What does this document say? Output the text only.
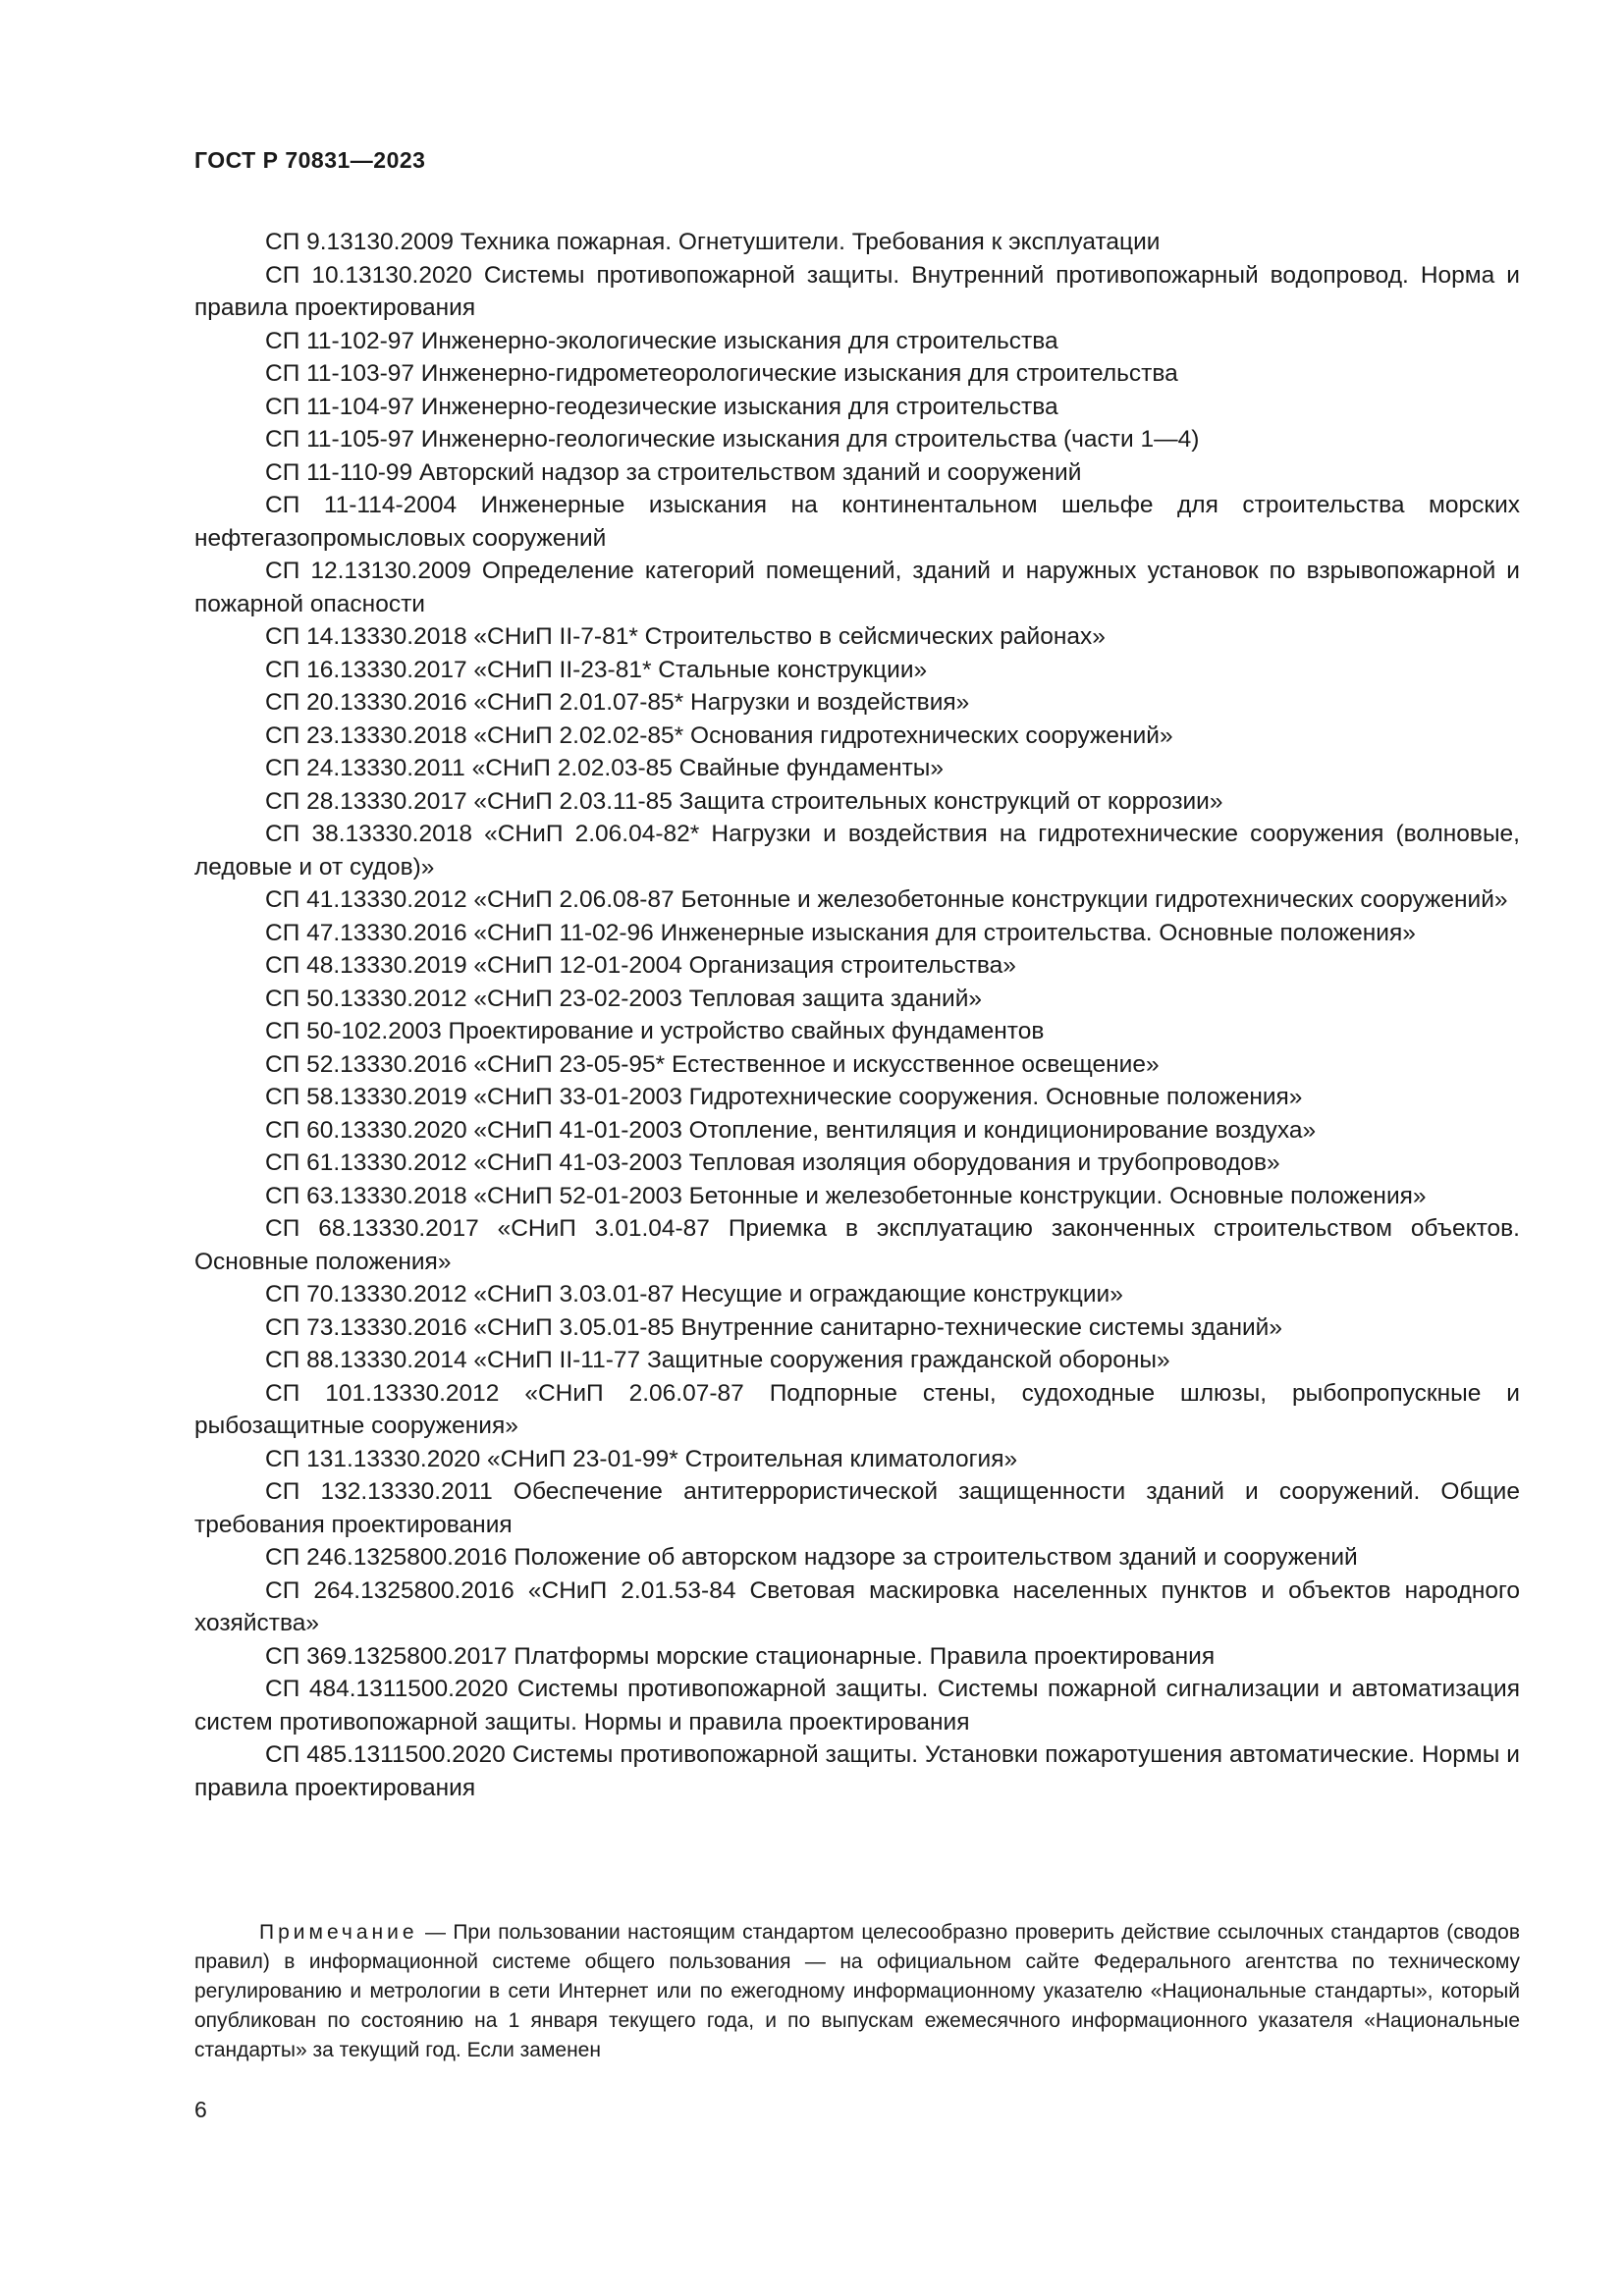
ГОСТ Р 70831—2023

СП 9.13130.2009 Техника пожарная. Огнетушители. Требования к эксплуатации

СП 10.13130.2020 Системы противопожарной защиты. Внутренний противопожарный водопровод. Норма и правила проектирования

СП 11-102-97 Инженерно-экологические изыскания для строительства

СП 11-103-97 Инженерно-гидрометеорологические изыскания для строительства

СП 11-104-97 Инженерно-геодезические изыскания для строительства

СП 11-105-97 Инженерно-геологические изыскания для строительства (части 1—4)

СП 11-110-99 Авторский надзор за строительством зданий и сооружений

СП 11-114-2004 Инженерные изыскания на континентальном шельфе для строительства морских нефтегазопромысловых сооружений

СП 12.13130.2009 Определение категорий помещений, зданий и наружных установок по взрывопожарной и пожарной опасности

СП 14.13330.2018 «СНиП II-7-81* Строительство в сейсмических районах»

СП 16.13330.2017 «СНиП II-23-81* Стальные конструкции»

СП 20.13330.2016 «СНиП 2.01.07-85* Нагрузки и воздействия»

СП 23.13330.2018 «СНиП 2.02.02-85* Основания гидротехнических сооружений»

СП 24.13330.2011 «СНиП 2.02.03-85 Свайные фундаменты»

СП 28.13330.2017 «СНиП 2.03.11-85 Защита строительных конструкций от коррозии»

СП 38.13330.2018 «СНиП 2.06.04-82* Нагрузки и воздействия на гидротехнические сооружения (волновые, ледовые и от судов)»

СП 41.13330.2012 «СНиП 2.06.08-87 Бетонные и железобетонные конструкции гидротехнических сооружений»

СП 47.13330.2016 «СНиП 11-02-96 Инженерные изыскания для строительства. Основные положения»

СП 48.13330.2019 «СНиП 12-01-2004 Организация строительства»

СП 50.13330.2012 «СНиП 23-02-2003 Тепловая защита зданий»

СП 50-102.2003 Проектирование и устройство свайных фундаментов

СП 52.13330.2016 «СНиП 23-05-95* Естественное и искусственное освещение»

СП 58.13330.2019 «СНиП 33-01-2003 Гидротехнические сооружения. Основные положения»

СП 60.13330.2020 «СНиП 41-01-2003 Отопление, вентиляция и кондиционирование воздуха»

СП 61.13330.2012 «СНиП 41-03-2003 Тепловая изоляция оборудования и трубопроводов»

СП 63.13330.2018 «СНиП 52-01-2003 Бетонные и железобетонные конструкции. Основные положения»

СП 68.13330.2017 «СНиП 3.01.04-87 Приемка в эксплуатацию законченных строительством объектов. Основные положения»

СП 70.13330.2012 «СНиП 3.03.01-87 Несущие и ограждающие конструкции»

СП 73.13330.2016 «СНиП 3.05.01-85 Внутренние санитарно-технические системы зданий»

СП 88.13330.2014 «СНиП II-11-77 Защитные сооружения гражданской обороны»

СП 101.13330.2012 «СНиП 2.06.07-87 Подпорные стены, судоходные шлюзы, рыбопропускные и рыбозащитные сооружения»

СП 131.13330.2020 «СНиП 23-01-99* Строительная климатология»

СП 132.13330.2011 Обеспечение антитеррористической защищенности зданий и сооружений. Общие требования проектирования

СП 246.1325800.2016 Положение об авторском надзоре за строительством зданий и сооружений

СП 264.1325800.2016 «СНиП 2.01.53-84 Световая маскировка населенных пунктов и объектов народного хозяйства»

СП 369.1325800.2017 Платформы морские стационарные. Правила проектирования

СП 484.1311500.2020 Системы противопожарной защиты. Системы пожарной сигнализации и автоматизация систем противопожарной защиты. Нормы и правила проектирования

СП 485.1311500.2020 Системы противопожарной защиты. Установки пожаротушения автоматические. Нормы и правила проектирования

Примечание — При пользовании настоящим стандартом целесообразно проверить действие ссылочных стандартов (сводов правил) в информационной системе общего пользования — на официальном сайте Федерального агентства по техническому регулированию и метрологии в сети Интернет или по ежегодному информационному указателю «Национальные стандарты», который опубликован по состоянию на 1 января текущего года, и по выпускам ежемесячного информационного указателя «Национальные стандарты» за текущий год. Если заменен

6
